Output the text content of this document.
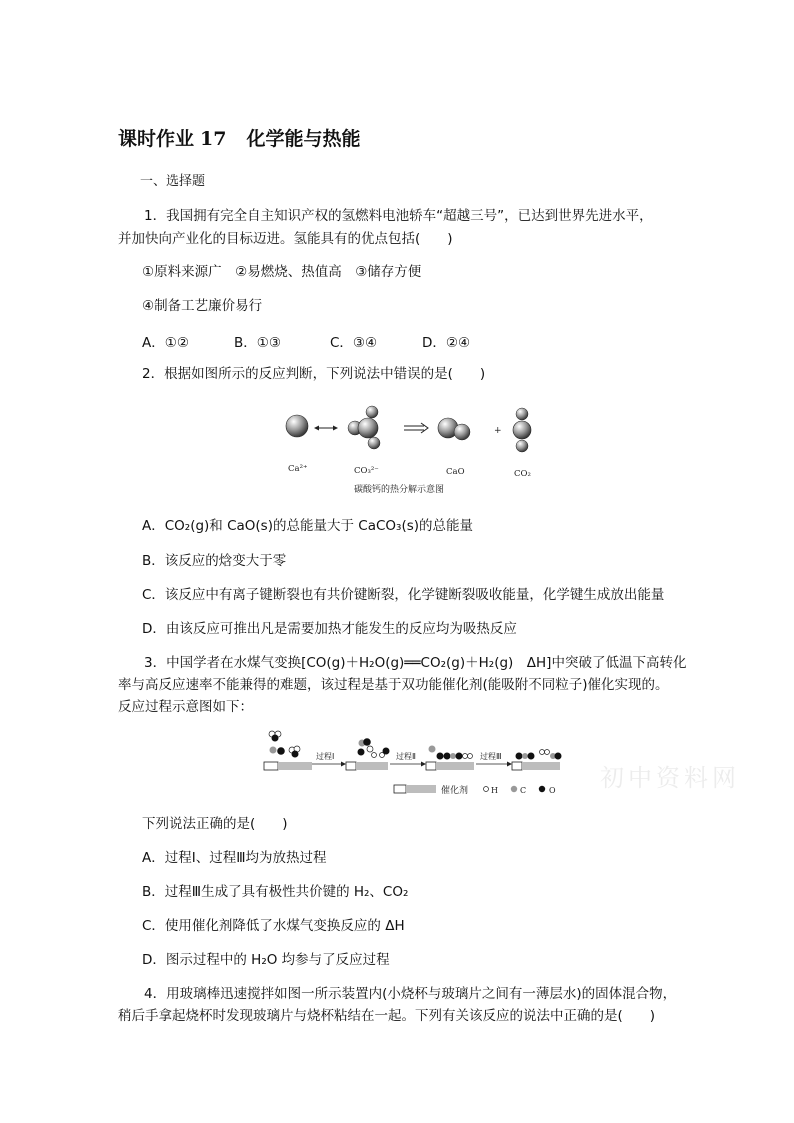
课时作业 17 化学能与热能
一、选择题
1．我国拥有完全自主知识产权的氢燃料电池轿车“超越三号”，已达到世界先进水平，
并加快向产业化的目标迈进。氢能具有的优点包括(　　)
①原料来源广　②易燃烧、热值高　③储存方便
④制备工艺廉价易行
A．①②	B．①③	C．③④	D．②④
2．根据如图所示的反应判断，下列说法中错误的是(　　)
+
Ca²⁺	CO₃²⁻	CaO	CO₂
碳酸钙的热分解示意图
A．CO₂(g)和 CaO(s)的总能量大于 CaCO₃(s)的总能量
B．该反应的焓变大于零
C．该反应中有离子键断裂也有共价键断裂，化学键断裂吸收能量，化学键生成放出能量
D．由该反应可推出凡是需要加热才能发生的反应均为吸热反应
3．中国学者在水煤气变换[CO(g)＋H₂O(g)══CO₂(g)＋H₂(g)　ΔH]中突破了低温下高转化
率与高反应速率不能兼得的难题，该过程是基于双功能催化剂(能吸附不同粒子)催化实现的。
反应过程示意图如下：
过程Ⅰ	过程Ⅱ	过程Ⅲ
催化剂	H	C	O 初中资料网
下列说法正确的是(　　)
A．过程Ⅰ、过程Ⅲ均为放热过程
B．过程Ⅲ生成了具有极性共价键的 H₂、CO₂
C．使用催化剂降低了水煤气变换反应的 ΔH
D．图示过程中的 H₂O 均参与了反应过程
4．用玻璃棒迅速搅拌如图一所示装置内(小烧杯与玻璃片之间有一薄层水)的固体混合物，
稍后手拿起烧杯时发现玻璃片与烧杯粘结在一起。下列有关该反应的说法中正确的是(　　)
